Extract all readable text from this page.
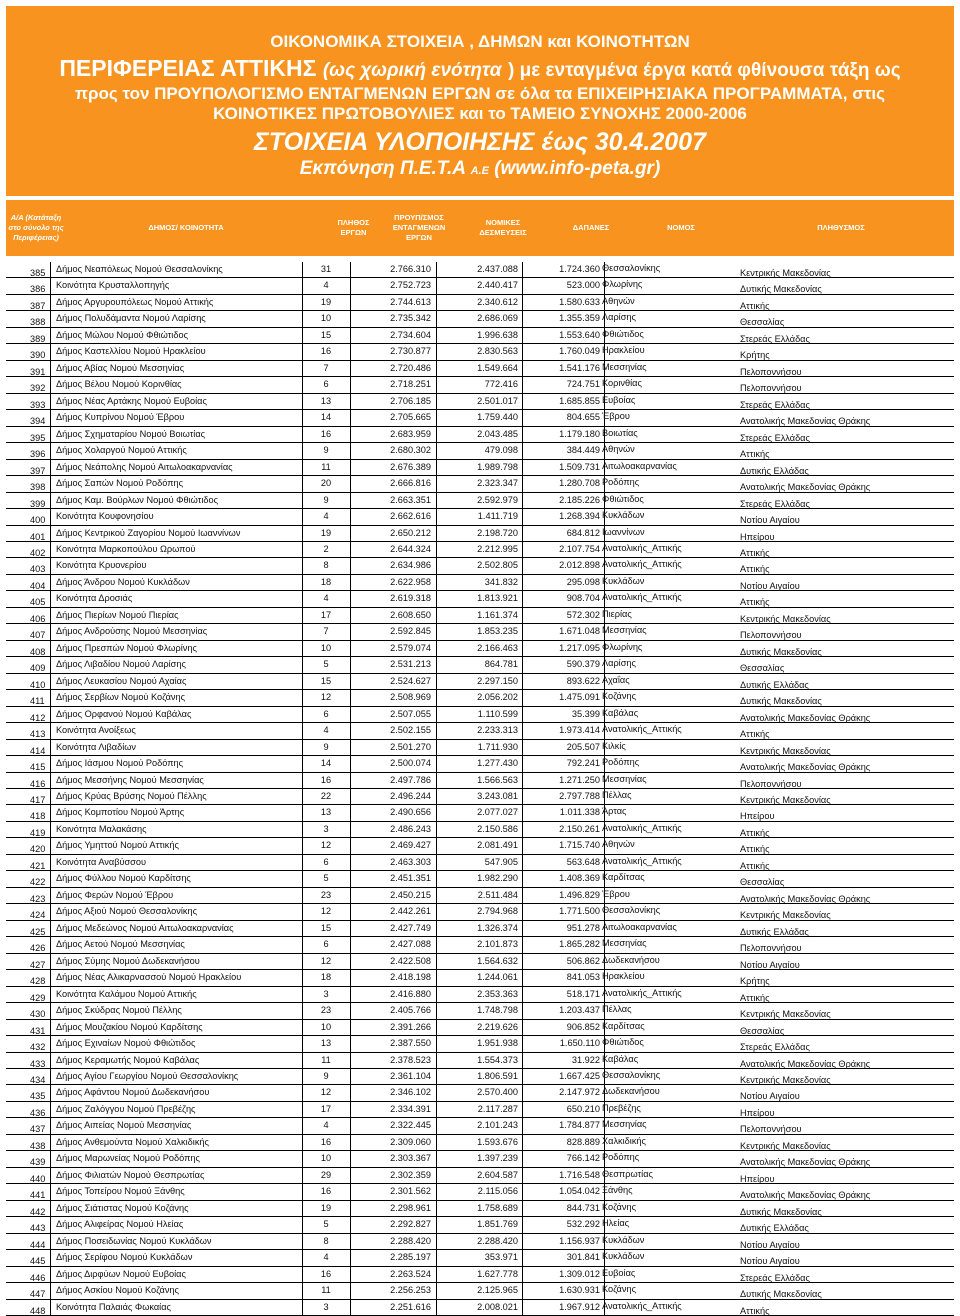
ΟΙΚΟΝΟΜΙΚΑ ΣΤΟΙΧΕΙΑ , ΔΗΜΩΝ και ΚΟΙΝΟΤΗΤΩΝ
ΠΕΡΙΦΕΡΕΙΑΣ ΑΤΤΙΚΗΣ (ως χωρική ενότητα ) με ενταγμένα έργα κατά φθίνουσα τάξη ως
προς τον ΠΡΟΥΠΟΛΟΓΙΣΜΟ ΕΝΤΑΓΜΕΝΩΝ ΕΡΓΩΝ σε όλα τα ΕΠΙΧΕΙΡΗΣΙΑΚΑ ΠΡΟΓΡΑΜΜΑΤΑ, στις
ΚΟΙΝΟΤΙΚΕΣ ΠΡΩΤΟΒΟΥΛΙΕΣ και το ΤΑΜΕΙΟ ΣΥΝΟΧΗΣ 2000-2006
ΣΤΟΙΧΕΙΑ ΥΛΟΠΟΙΗΣΗΣ έως 30.4.2007
Εκπόνηση Π.Ε.Τ.Α Α.Ε (www.info-peta.gr)
Α/Α (Κατάταξη στο σύνολο της Περιφέρειας)
ΔΗΜΟΣ/ ΚΟΙΝΟΤΗΤΑ
ΠΛΗΘΟΣ ΕΡΓΩΝ
ΠΡΟΥΠ/ΣΜΟΣ ΕΝΤΑΓΜΕΝΩΝ ΕΡΓΩΝ
ΝΟΜΙΚΕΣ ΔΕΣΜΕΥΣΕΙΣ
ΔΑΠΑΝΕΣ	ΝΟΜΟΣ	ΠΛΗΘΥΣΜΟΣ
385 Δήμος Νεαπόλεως Νομού Θεσσαλονίκης	31	2.766.310	2.437.088	1.724.360 Θεσσαλονίκης	Κεντρικής Μακεδονίας
386 Κοινότητα Κρυσταλλοπηγής	4	2.752.723	2.440.417	523.000 Φλωρίνης	Δυτικής Μακεδονίας
387 Δήμος Αργυρουπόλεως Νομού Αττικής	19	2.744.613	2.340.612	1.580.633 Αθηνών	Αττικής
388 Δήμος Πολυδάμαντα Νομού Λαρίσης	10	2.735.342	2.686.069	1.355.359 Λαρίσης	Θεσσαλίας
389 Δήμος Μώλου Νομού Φθιώτιδος	15	2.734.604	1.996.638	1.553.640 Φθιώτιδος	Στερεάς Ελλάδας
390 Δήμος Καστελλίου Νομού Ηρακλείου	16	2.730.877	2.830.563	1.760.049 Ηρακλείου	Κρήτης
391 Δήμος Αβίας Νομού Μεσσηνίας	7	2.720.486	1.549.664	1.541.176 Μεσσηνίας	Πελοποννήσου
392 Δήμος Βέλου Νομού Κορινθίας	6	2.718.251	772.416	724.751 Κορινθίας	Πελοποννήσου
393 Δήμος Νέας Αρτάκης Νομού Ευβοίας	13	2.706.185	2.501.017	1.685.855 Ευβοίας	Στερεάς Ελλάδας
394 Δήμος Κυπρίνου Νομού Έβρου	14	2.705.665	1.759.440	804.655 Έβρου	Ανατολικής Μακεδονίας Θράκης
395 Δήμος Σχηματαρίου Νομού Βοιωτίας	16	2.683.959	2.043.485	1.179.180 Βοιωτίας	Στερεάς Ελλάδας
396 Δήμος Χολαργού Νομού Αττικής	9	2.680.302	479.098	384.449 Αθηνών	Αττικής
397 Δήμος Νεάπολης Νομού Αιτωλοακαρνανίας	11	2.676.389	1.989.798	1.509.731 Αιτωλοακαρνανίας	Δυτικής Ελλάδας
398 Δήμος Σαπών Νομού Ροδόπης	20	2.666.816	2.323.347	1.280.708 Ροδόπης	Ανατολικής Μακεδονίας Θράκης
399 Δήμος Καμ. Βούρλων Νομού Φθιώτιδος	9	2.663.351	2.592.979	2.185.226 Φθιώτιδος	Στερεάς Ελλάδας
400 Κοινότητα Κουφονησίου	4	2.662.616	1.411.719	1.268.394 Κυκλάδων	Νοτίου Αιγαίου
401 Δήμος Κεντρικού Ζαγορίου Νομού Ιωαννίνων	19	2.650.212	2.198.720	684.812 Ιωαννίνων	Ηπείρου
402 Κοινότητα Μαρκοπούλου Ωρωπού	2	2.644.324	2.212.995	2.107.754 Ανατολικής_Αττικής	Αττικής
403 Κοινότητα Κρυονερίου	8	2.634.986	2.502.805	2.012.898 Ανατολικής_Αττικής	Αττικής
404 Δήμος Άνδρου Νομού Κυκλάδων	18	2.622.958	341.832	295.098 Κυκλάδων	Νοτίου Αιγαίου
405 Κοινότητα Δροσιάς	4	2.619.318	1.813.921	908.704 Ανατολικής_Αττικής	Αττικής
406 Δήμος Πιερίων Νομού Πιερίας	17	2.608.650	1.161.374	572.302 Πιερίας	Κεντρικής Μακεδονίας
407 Δήμος Ανδρούσης Νομού Μεσσηνίας	7	2.592.845	1.853.235	1.671.048 Μεσσηνίας	Πελοποννήσου
408 Δήμος Πρεσπών Νομού Φλωρίνης	10	2.579.074	2.166.463	1.217.095 Φλωρίνης	Δυτικής Μακεδονίας
409 Δήμος Λιβαδίου Νομού Λαρίσης	5	2.531.213	864.781	590.379 Λαρίσης	Θεσσαλίας
410 Δήμος Λευκασίου Νομού Αχαίας	15	2.524.627	2.297.150	893.622 Αχαΐας	Δυτικής Ελλάδας
411 Δήμος Σερβίων Νομού Κοζάνης	12	2.508.969	2.056.202	1.475.091 Κοζάνης	Δυτικής Μακεδονίας
412 Δήμος Ορφανού Νομού Καβάλας	6	2.507.055	1.110.599	35.399 Καβάλας	Ανατολικής Μακεδονίας Θράκης
413 Κοινότητα Ανοίξεως	4	2.502.155	2.233.313	1.973.414 Ανατολικής_Αττικής	Αττικής
414 Κοινότητα Λιβαδίων	9	2.501.270	1.711.930	205.507 Κιλκίς	Κεντρικής Μακεδονίας
415 Δήμος Ιάσμου Νομού Ροδόπης	14	2.500.074	1.277.430	792.241 Ροδόπης	Ανατολικής Μακεδονίας Θράκης
416 Δήμος Μεσσήνης Νομού Μεσσηνίας	16	2.497.786	1.566.563	1.271.250 Μεσσηνίας	Πελοποννήσου
417 Δήμος Κρύας Βρύσης Νομού Πέλλης	22	2.496.244	3.243.081	2.797.788 Πέλλας	Κεντρικής Μακεδονίας
418 Δήμος Κομποτίου Νομού Άρτης	13	2.490.656	2.077.027	1.011.338 Άρτας	Ηπείρου
419 Κοινότητα Μαλακάσης	3	2.486.243	2.150.586	2.150.261 Ανατολικής_Αττικής	Αττικής
420 Δήμος Υμηττού Νομού Αττικής	12	2.469.427	2.081.491	1.715.740 Αθηνών	Αττικής
421 Κοινότητα Αναβύσσου	6	2.463.303	547.905	563.648 Ανατολικής_Αττικής	Αττικής
422 Δήμος Φύλλου Νομού Καρδίτσης	5	2.451.351	1.982.290	1.408.369 Καρδίτσας	Θεσσαλίας
423 Δήμος Φερών Νομού Έβρου	23	2.450.215	2.511.484	1.496.829 Έβρου	Ανατολικής Μακεδονίας Θράκης
424 Δήμος Αξιού Νομού Θεσσαλονίκης	12	2.442.261	2.794.968	1.771.500 Θεσσαλονίκης	Κεντρικής Μακεδονίας
425 Δήμος Μεδεώνος Νομού Αιτωλοακαρνανίας	15	2.427.749	1.326.374	951.278 Αιτωλοακαρνανίας	Δυτικής Ελλάδας
426 Δήμος Αετού Νομού Μεσσηνίας	6	2.427.088	2.101.873	1.865.282 Μεσσηνίας	Πελοποννήσου
427 Δήμος Σύμης Νομού Δωδεκανήσου	12	2.422.508	1.564.632	506.862 Δωδεκανήσου	Νοτίου Αιγαίου
428 Δήμος Νέας Αλικαρνασσού Νομού Ηρακλείου	18	2.418.198	1.244.061	841.053 Ηρακλείου	Κρήτης
429 Κοινότητα Καλάμου Νομού Αττικής	3	2.416.880	2.353.363	518.171 Ανατολικής_Αττικής	Αττικής
430 Δήμος Σκύδρας Νομού Πέλλης	23	2.405.766	1.748.798	1.203.437 Πέλλας	Κεντρικής Μακεδονίας
431 Δήμος Μουζακίου Νομού Καρδίτσης	10	2.391.266	2.219.626	906.852 Καρδίτσας	Θεσσαλίας
432 Δήμος Εχιναίων Νομού Φθιώτιδος	13	2.387.550	1.951.938	1.650.110 Φθιώτιδος	Στερεάς Ελλάδας
433 Δήμος Κεραμωτής Νομού Καβάλας	11	2.378.523	1.554.373	31.922 Καβάλας	Ανατολικής Μακεδονίας Θράκης
434 Δήμος Αγίου Γεωργίου Νομού Θεσσαλονίκης	9	2.361.104	1.806.591	1.667.425 Θεσσαλονίκης	Κεντρικής Μακεδονίας
435 Δήμος Αφάντου Νομού Δωδεκανήσου	12	2.346.102	2.570.400	2.147.972 Δωδεκανήσου	Νοτίου Αιγαίου
436 Δήμος Ζαλόγγου Νομού Πρεβέζης	17	2.334.391	2.117.287	650.210 Πρεβέζης	Ηπείρου
437 Δήμος Αιπείας Νομού Μεσσηνίας	4	2.322.445	2.101.243	1.784.877 Μεσσηνίας	Πελοποννήσου
438 Δήμος Ανθεμούντα Νομού Χαλκιδικής	16	2.309.060	1.593.676	828.889 Χαλκιδικής	Κεντρικής Μακεδονίας
439 Δήμος Μαρωνείας Νομού Ροδόπης	10	2.303.367	1.397.239	766.142 Ροδόπης	Ανατολικής Μακεδονίας Θράκης
440 Δήμος Φιλιατών Νομού Θεσπρωτίας	29	2.302.359	2.604.587	1.716.548 Θεσπρωτίας	Ηπείρου
441 Δήμος Τοπείρου Νομού Ξάνθης	16	2.301.562	2.115.056	1.054.042 Ξάνθης	Ανατολικής Μακεδονίας Θράκης
442 Δήμος Σιάτιστας Νομού Κοζάνης	19	2.298.961	1.758.689	844.731 Κοζάνης	Δυτικής Μακεδονίας
443 Δήμος Αλιφείρας Νομού Ηλείας	5	2.292.827	1.851.769	532.292 Ηλείας	Δυτικής Ελλάδας
444 Δήμος Ποσειδωνίας Νομού Κυκλάδων	8	2.288.420	2.288.420	1.156.937 Κυκλάδων	Νοτίου Αιγαίου
445 Δήμος Σερίφου Νομού Κυκλάδων	4	2.285.197	353.971	301.841 Κυκλάδων	Νοτίου Αιγαίου
446 Δήμος Διρφύων Νομού Ευβοίας	16	2.263.524	1.627.778	1.309.012 Ευβοίας	Στερεάς Ελλάδας
447 Δήμος Ασκίου Νομού Κοζάνης	11	2.256.253	2.125.965	1.630.931 Κοζάνης	Δυτικής Μακεδονίας
448 Κοινότητα Παλαιάς Φωκαίας	3	2.251.616	2.008.021	1.967.912 Ανατολικής_Αττικής	Αττικής
